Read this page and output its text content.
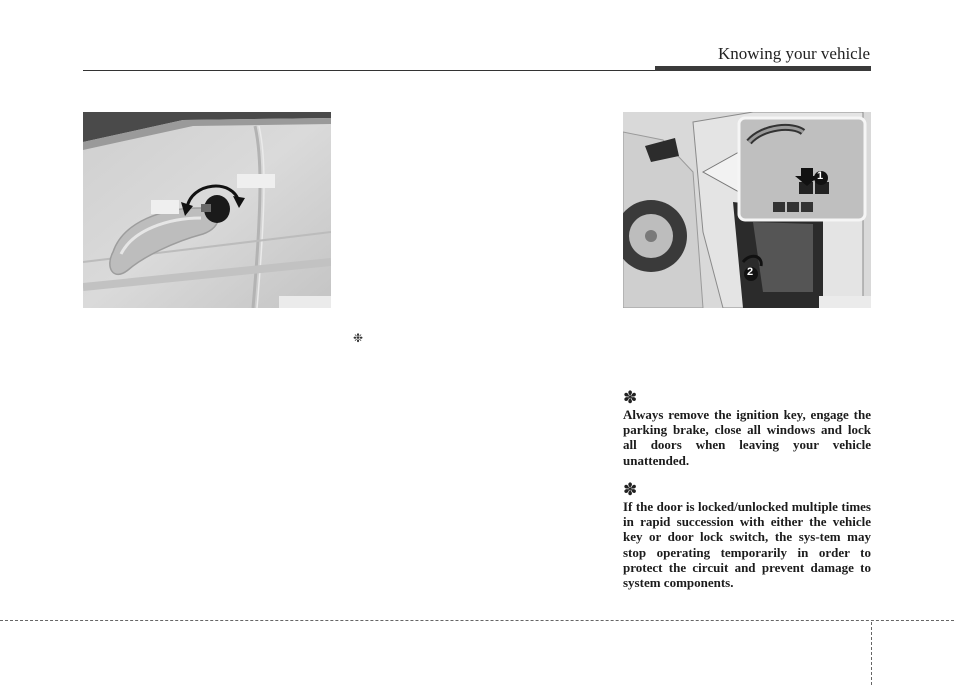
Knowing your vehicle
1
2
❉
✽
Always remove the ignition key, engage the parking brake, close all windows and lock all doors when leaving your vehicle unattended.
✽
If the door is locked/unlocked multiple times in rapid succession with either the vehicle key or door lock switch, the sys-tem may stop operating temporarily in order to protect the circuit and prevent damage to system components.
